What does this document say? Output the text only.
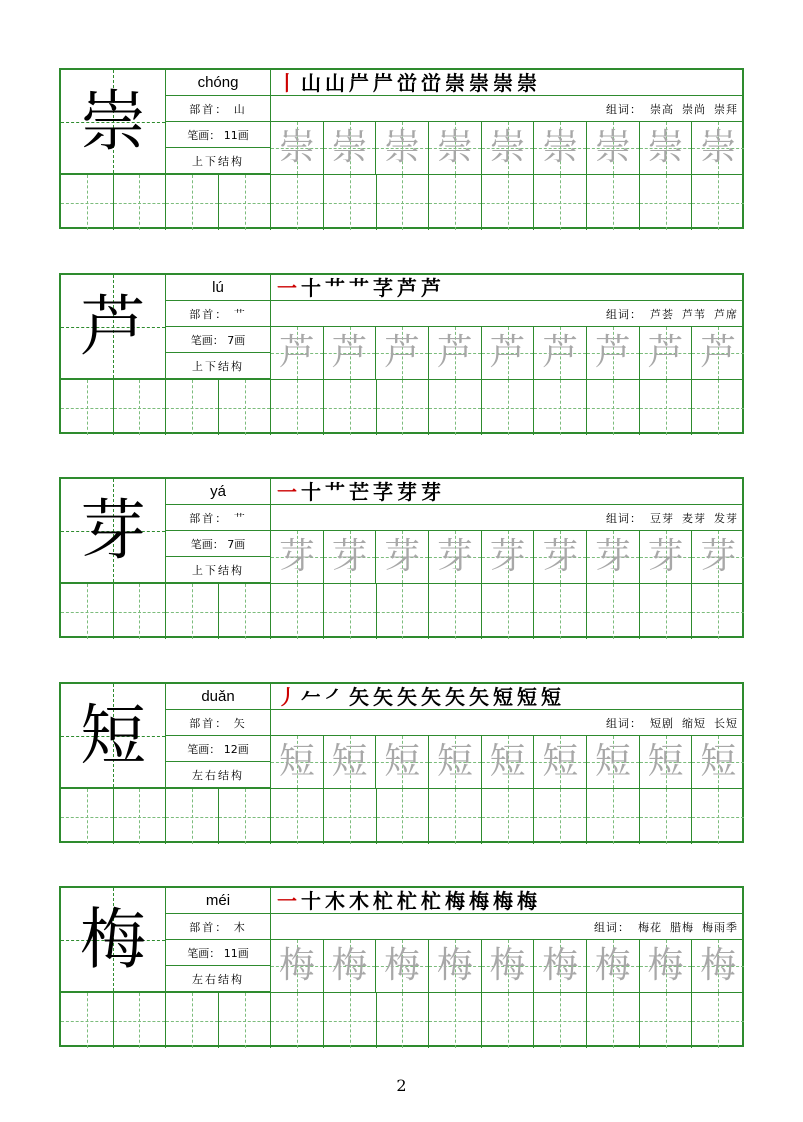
崇	chóng
部首： 山
笔画： 11画
上下结构
丨 山 山 屵 屵 峃 峃 崇 崇 崇 崇
组词： 崇高 崇尚 崇拜
崇 崇 崇 崇 崇 崇 崇 崇 崇
芦	lú
部首： 艹
笔画： 7画
上下结构
一 十 艹 艹 芓 芦 芦
组词： 芦荟 芦苇 芦席
芦 芦 芦 芦 芦 芦 芦 芦 芦
芽	yá
部首： 艹
笔画： 7画
上下结构
一 十 艹 芒 芓 芽 芽
组词： 豆芽 麦芽 发芽
芽 芽 芽 芽 芽 芽 芽 芽 芽
短	duǎn
部首： 矢
笔画： 12画
左右结构
丿 𠂉 ㇒ 矢 矢 矢 矢 矢 矢 短 短 短
组词： 短剧 缩短 长短
短 短 短 短 短 短 短 短 短
梅	méi
部首： 木
笔画： 11画
左右结构
一 十 木 木 杧 杧 杧 梅 梅 梅 梅
组词： 梅花 腊梅 梅雨季
梅 梅 梅 梅 梅 梅 梅 梅 梅
2
